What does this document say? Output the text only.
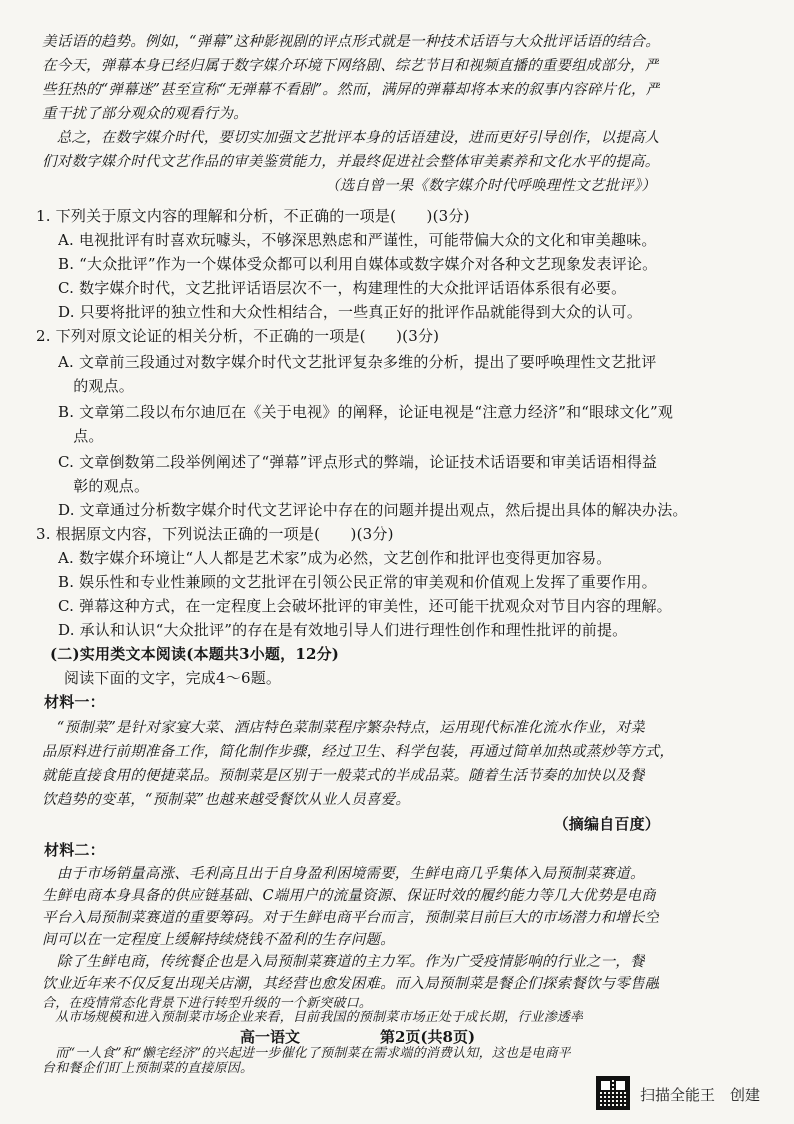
美话语的趋势。例如，“弹幕”这种影视剧的评点形式就是一种技术话语与大众批评话语的结合。
在今天，弹幕本身已经归属于数字媒介环境下网络剧、综艺节目和视频直播的重要组成部分，严
些狂热的“弹幕迷”甚至宣称“无弹幕不看剧”。然而，满屏的弹幕却将本来的叙事内容碎片化，严
重干扰了部分观众的观看行为。
　总之，在数字媒介时代，要切实加强文艺批评本身的话语建设，进而更好引导创作，以提高人
们对数字媒介时代文艺作品的审美鉴赏能力，并最终促进社会整体审美素养和文化水平的提高。
（选自曾一果《数字媒介时代呼唤理性文艺批评》）
1. 下列关于原文内容的理解和分析，不正确的一项是(　　)(3分)
A. 电视批评有时喜欢玩噱头，不够深思熟虑和严谨性，可能带偏大众的文化和审美趣味。
B. “大众批评”作为一个媒体受众都可以利用自媒体或数字媒介对各种文艺现象发表评论。
C. 数字媒介时代，文艺批评话语层次不一，构建理性的大众批评话语体系很有必要。
D. 只要将批评的独立性和大众性相结合，一些真正好的批评作品就能得到大众的认可。
2. 下列对原文论证的相关分析，不正确的一项是(　　)(3分)
A. 文章前三段通过对数字媒介时代文艺批评复杂多维的分析，提出了要呼唤理性文艺批评
　的观点。
B. 文章第二段以布尔迪厄在《关于电视》的阐释，论证电视是“注意力经济”和“眼球文化”观
　点。
C. 文章倒数第二段举例阐述了“弹幕”评点形式的弊端，论证技术话语要和审美话语相得益
　彰的观点。
D. 文章通过分析数字媒介时代文艺评论中存在的问题并提出观点，然后提出具体的解决办法。
3. 根据原文内容，下列说法正确的一项是(　　)(3分)
A. 数字媒介环境让“人人都是艺术家”成为必然，文艺创作和批评也变得更加容易。
B. 娱乐性和专业性兼顾的文艺批评在引领公民正常的审美观和价值观上发挥了重要作用。
C. 弹幕这种方式，在一定程度上会破坏批评的审美性，还可能干扰观众对节目内容的理解。
D. 承认和认识“大众批评”的存在是有效地引导人们进行理性创作和理性批评的前提。
(二)实用类文本阅读(本题共3小题，12分)
阅读下面的文字，完成4～6题。
材料一：
　“预制菜”是针对家宴大菜、酒店特色菜制菜程序繁杂特点，运用现代标准化流水作业，对菜
品原料进行前期准备工作，简化制作步骤，经过卫生、科学包装，再通过简单加热或蒸炒等方式，
就能直接食用的便捷菜品。预制菜是区别于一般菜式的半成品菜。随着生活节奏的加快以及餐
饮趋势的变革，“预制菜”也越来越受餐饮从业人员喜爱。
（摘编自百度）
材料二：
　由于市场销量高涨、毛利高且出于自身盈利困境需要，生鲜电商几乎集体入局预制菜赛道。
生鲜电商本身具备的供应链基础、C端用户的流量资源、保证时效的履约能力等几大优势是电商
平台入局预制菜赛道的重要筹码。对于生鲜电商平台而言，预制菜目前巨大的市场潜力和增长空
间可以在一定程度上缓解持续烧钱不盈利的生存问题。
　除了生鲜电商，传统餐企也是入局预制菜赛道的主力军。作为广受疫情影响的行业之一，餐
饮业近年来不仅反复出现关店潮，其经营也愈发困难。而入局预制菜是餐企们探索餐饮与零售融
高一语文	第2页(共8页)
扫描全能王　创建
合，在疫情常态化背景下进行转型升级的一个新突破口。
　而“一人食”和“懒宅经济”的兴起进一步催化了预制菜在需求端的消费认知，这也是电商平
台和餐企们盯上预制菜的直接原因。
　从市场规模和进入预制菜市场企业来看，目前我国的预制菜市场正处于成长期，行业渗透率
